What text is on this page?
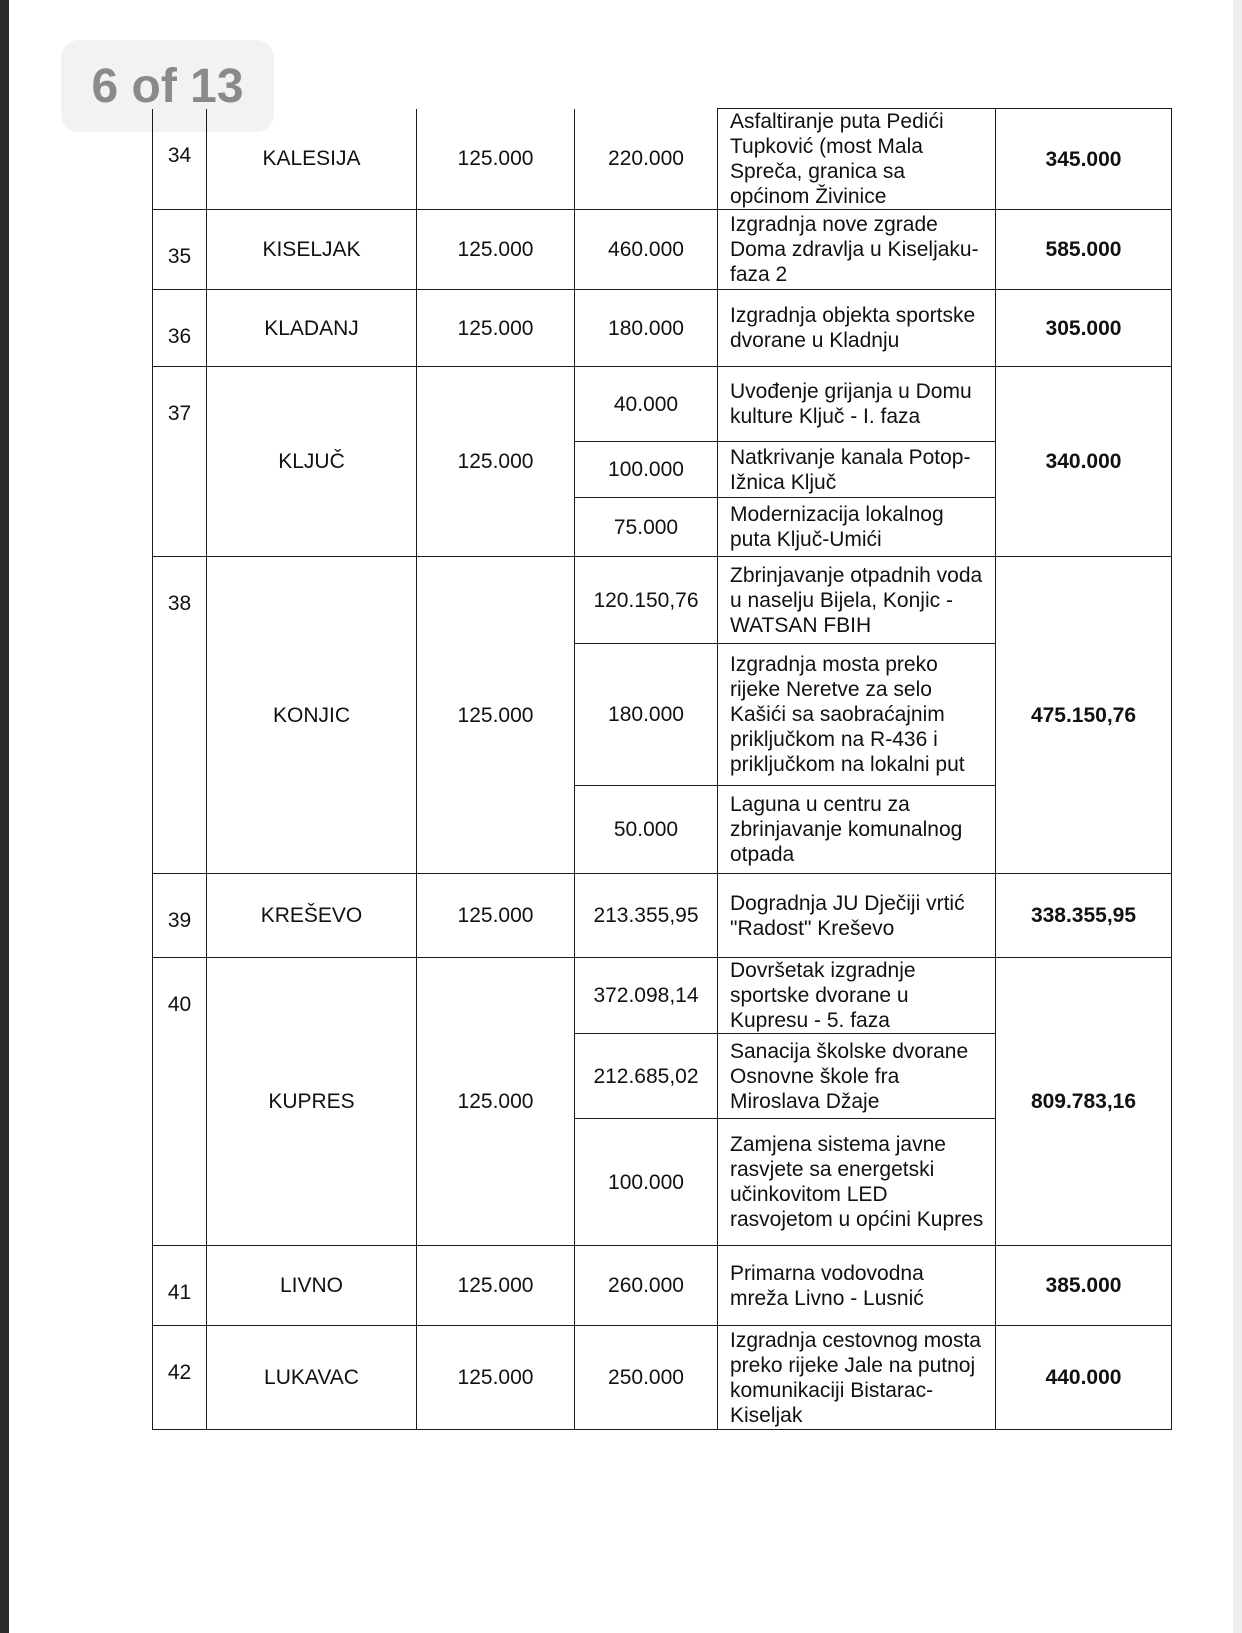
6 of 13
34	KALESIJA	125.000	220.000	Asfaltiranje puta Pedići Tupković (most Mala Spreča, granica sa općinom Živinice	345.000
35	KISELJAK	125.000	460.000	Izgradnja nove zgrade Doma zdravlja u Kiseljaku-faza 2	585.000
36	KLADANJ	125.000	180.000	Izgradnja objekta sportske dvorane u Kladnju	305.000
37	KLJUČ	125.000	40.000	Uvođenje grijanja u Domu kulture Ključ - I. faza	340.000
			100.000	Natkrivanje kanala Potop-Ižnica Ključ	
			75.000	Modernizacija lokalnog puta Ključ-Umići	
38	KONJIC	125.000	120.150,76	Zbrinjavanje otpadnih voda u naselju Bijela, Konjic - WATSAN FBIH	475.150,76
			180.000	Izgradnja mosta preko rijeke Neretve za selo Kašići sa saobraćajnim priključkom na R-436 i priključkom na lokalni put	
			50.000	Laguna u centru za zbrinjavanje komunalnog otpada	
39	KREŠEVO	125.000	213.355,95	Dogradnja JU Dječiji vrtić "Radost" Kreševo	338.355,95
40	KUPRES	125.000	372.098,14	Dovršetak izgradnje sportske dvorane u Kupresu - 5. faza	809.783,16
			212.685,02	Sanacija školske dvorane Osnovne škole fra Miroslava Džaje	
			100.000	Zamjena sistema javne rasvjete sa energetski učinkovitom LED rasvojetom u općini Kupres	
41	LIVNO	125.000	260.000	Primarna vodovodna mreža Livno - Lusnić	385.000
42	LUKAVAC	125.000	250.000	Izgradnja cestovnog mosta preko rijeke Jale na putnoj komunikaciji Bistarac-Kiseljak	440.000
